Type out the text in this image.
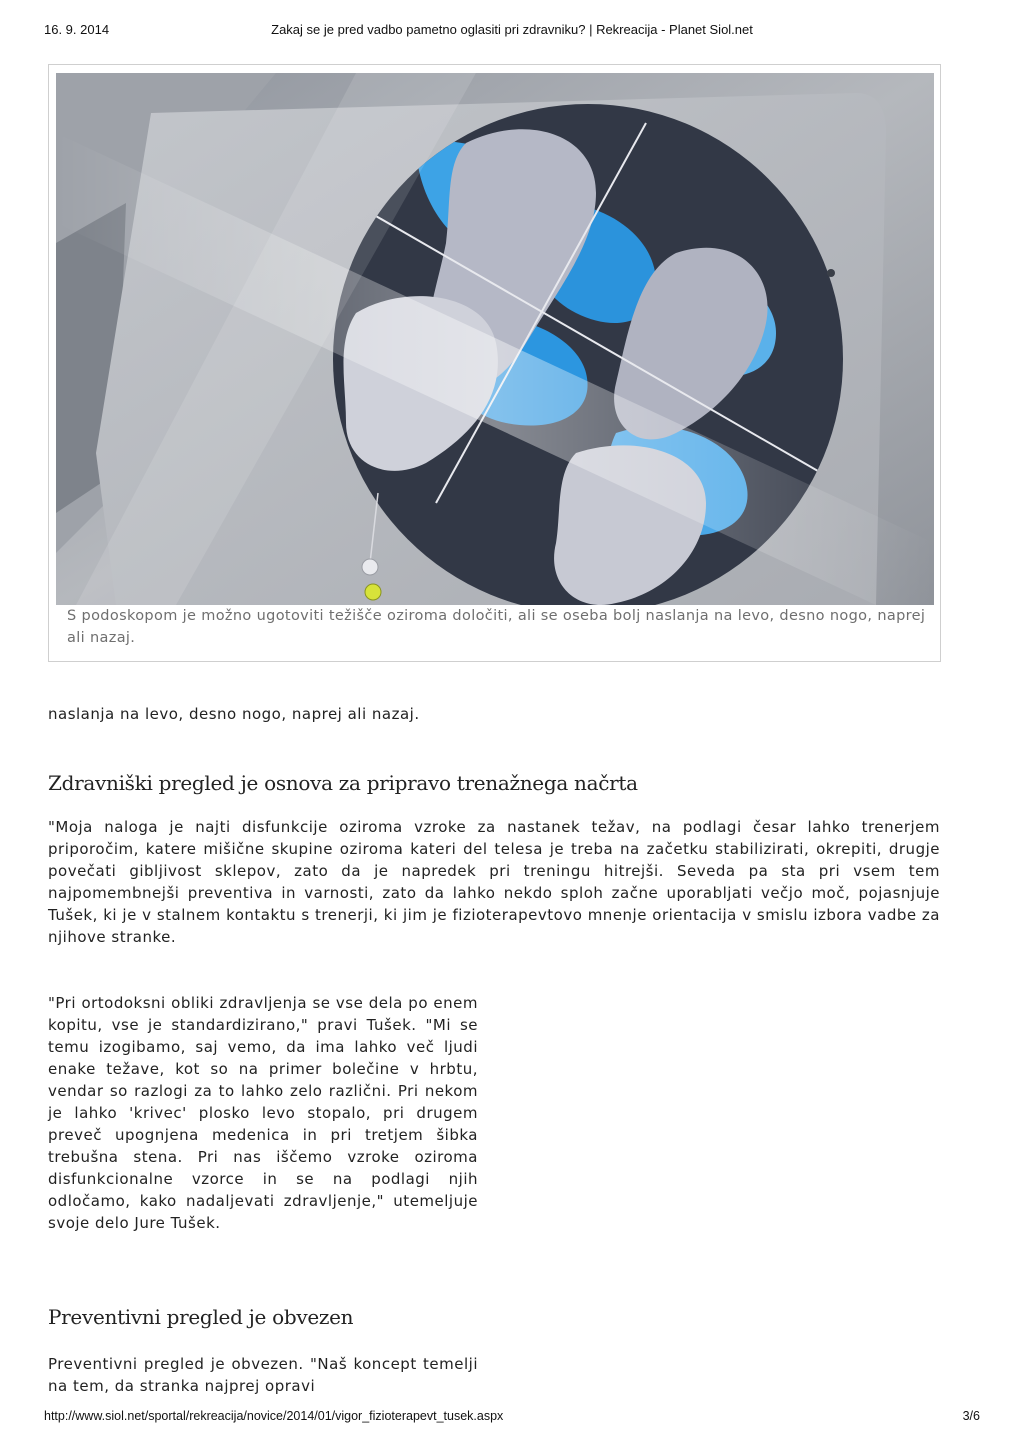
16. 9. 2014	Zakaj se je pred vadbo pametno oglasiti pri zdravniku? | Rekreacija - Planet Siol.net
S podoskopom je možno ugotoviti težišče oziroma določiti, ali se oseba bolj naslanja na levo, desno nogo, naprej ali nazaj.

naslanja na levo, desno nogo, naprej ali nazaj.

Zdravniški pregled je osnova za pripravo trenažnega načrta

"Moja naloga je najti disfunkcije oziroma vzroke za nastanek težav, na podlagi česar lahko trenerjem priporočim, katere mišične skupine oziroma kateri del telesa je treba na začetku stabilizirati, okrepiti, drugje povečati gibljivost sklepov, zato da je napredek pri treningu hitrejši. Seveda pa sta pri vsem tem najpomembnejši preventiva in varnosti, zato da lahko nekdo sploh začne uporabljati večjo moč, pojasnjuje Tušek, ki je v stalnem kontaktu s trenerji, ki jim je fizioterapevtovo mnenje orientacija v smislu izbora vadbe za njihove stranke.

"Pri ortodoksni obliki zdravljenja se vse dela po enem kopitu, vse je standardizirano," pravi Tušek. "Mi se temu izogibamo, saj vemo, da ima lahko več ljudi enake težave, kot so na primer bolečine v hrbtu, vendar so razlogi za to lahko zelo različni. Pri nekom je lahko 'krivec' plosko levo stopalo, pri drugem preveč upognjena medenica in pri tretjem šibka trebušna stena. Pri nas iščemo vzroke oziroma disfunkcionalne vzorce in se na podlagi njih odločamo, kako nadaljevati zdravljenje," utemeljuje svoje delo Jure Tušek.

Preventivni pregled je obvezen

Preventivni pregled je obvezen. "Naš koncept temelji na tem, da stranka najprej opravi

http://www.siol.net/sportal/rekreacija/novice/2014/01/vigor_fizioterapevt_tusek.aspx	3/6
